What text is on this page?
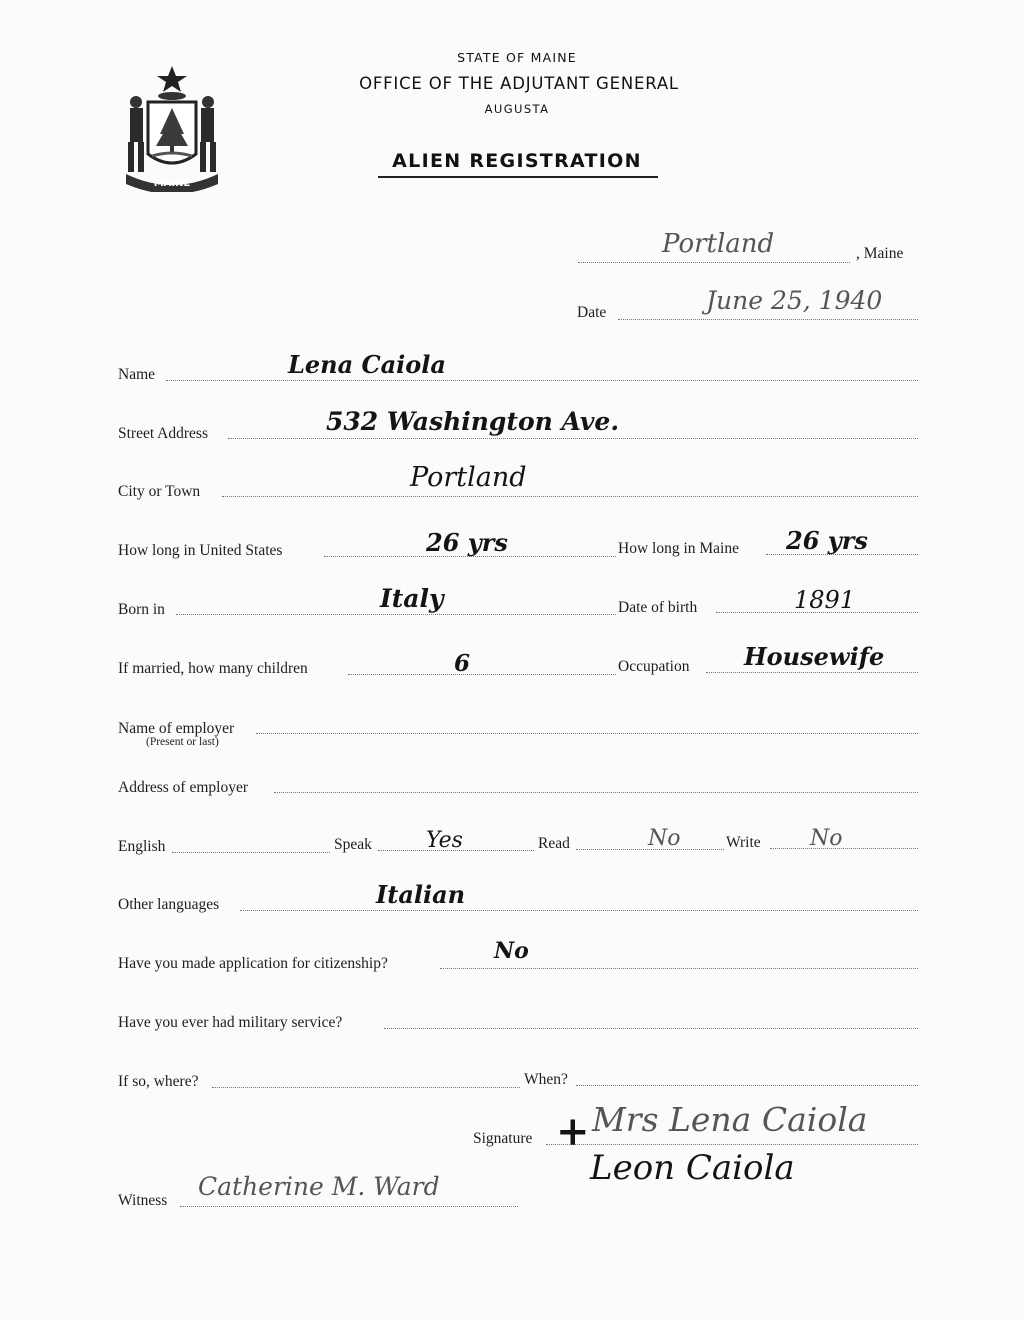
MAINE
STATE OF MAINE
OFFICE OF THE ADJUTANT GENERAL
AUGUSTA
ALIEN REGISTRATION
Portland	, Maine
Date	June 25, 1940
Name	Lena Caiola
Street Address	532 Washington Ave.
City or Town	Portland
How long in United States	26 yrs	How long in Maine 26 yrs
Born in	Italy	Date of birth	1891
If married, how many children	6	Occupation Housewife
Name of employer
(Present or last)
Address of employer
English	Speak Yes	Read	No	Write No
Other languages	Italian
Have you made application for citizenship?	No
Have you ever had military service?
If so, where?	When?
Signature + Mrs Lena Caiola
Leon Caiola
Witness Catherine M. Ward
